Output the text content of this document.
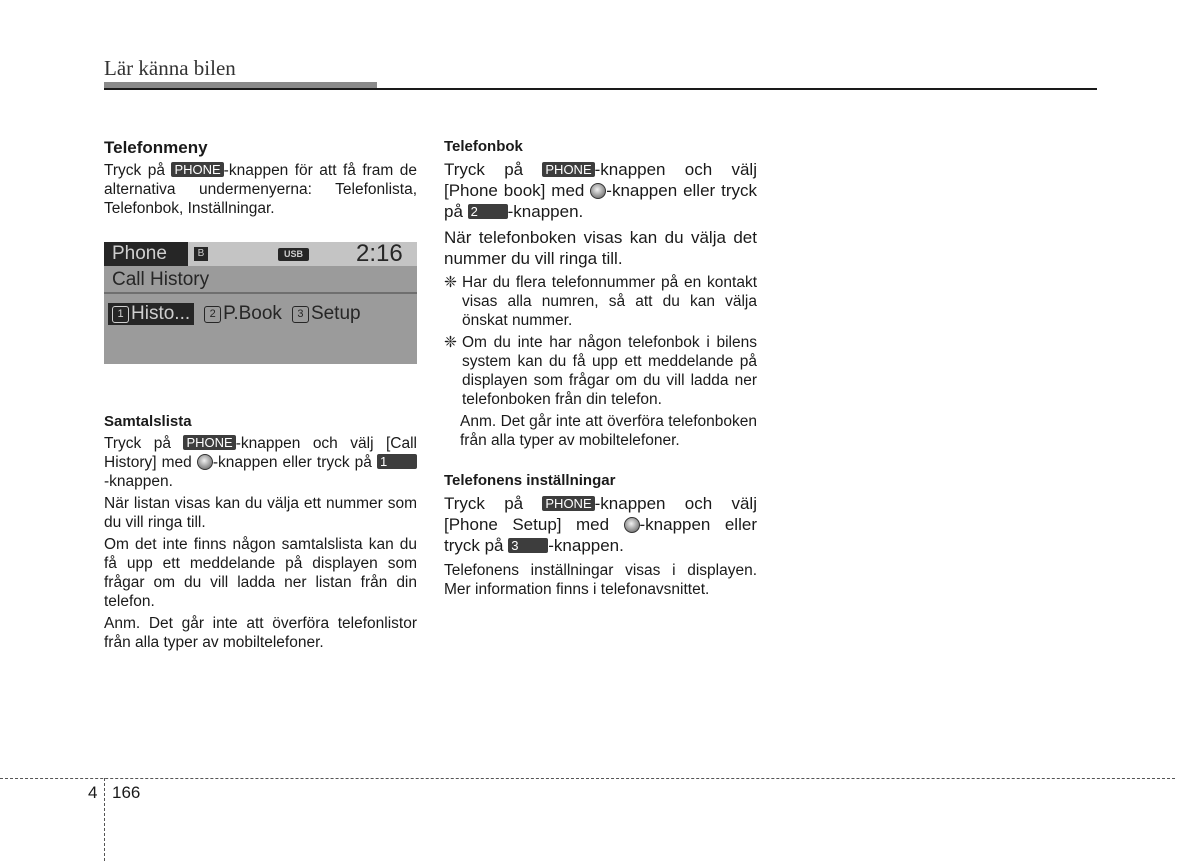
Lär känna bilen
Telefonmeny

Tryck på PHONE -knappen för att få fram de alternativa undermenyerna: Telefonlista, Telefonbok, Inställningar.

Phone	B	USB 2:16
Call History
1 Histo...	2 P.Book	3 Setup
Samtalslista

Tryck på PHONE -knappen och välj [Call History] med -knappen eller tryck på 1-knappen.

När listan visas kan du välja ett nummer som du vill ringa till.

Om det inte finns någon samtalslista kan du få upp ett meddelande på displayen som frågar om du vill ladda ner listan från din telefon.

Anm. Det går inte att överföra telefonlistor från alla typer av mobiltelefoner.

Telefonbok

Tryck på PHONE -knappen och välj [Phone book] med -knappen eller tryck på 2 -knappen.

När telefonboken visas kan du välja det nummer du vill ringa till.

❈ Har du flera telefonnummer på en kontakt visas alla numren, så att du kan välja önskat nummer.

❈ Om du inte har någon telefonbok i bilens system kan du få upp ett meddelande på displayen som frågar om du vill ladda ner telefonboken från din telefon.

Anm. Det går inte att överföra telefonboken från alla typer av mobiltelefoner.

Telefonens inställningar

Tryck på PHONE -knappen och välj [Phone Setup] med -knappen eller tryck på 3 -knappen.

Telefonens inställningar visas i displayen. Mer information finns i telefonavsnittet.

4 166
